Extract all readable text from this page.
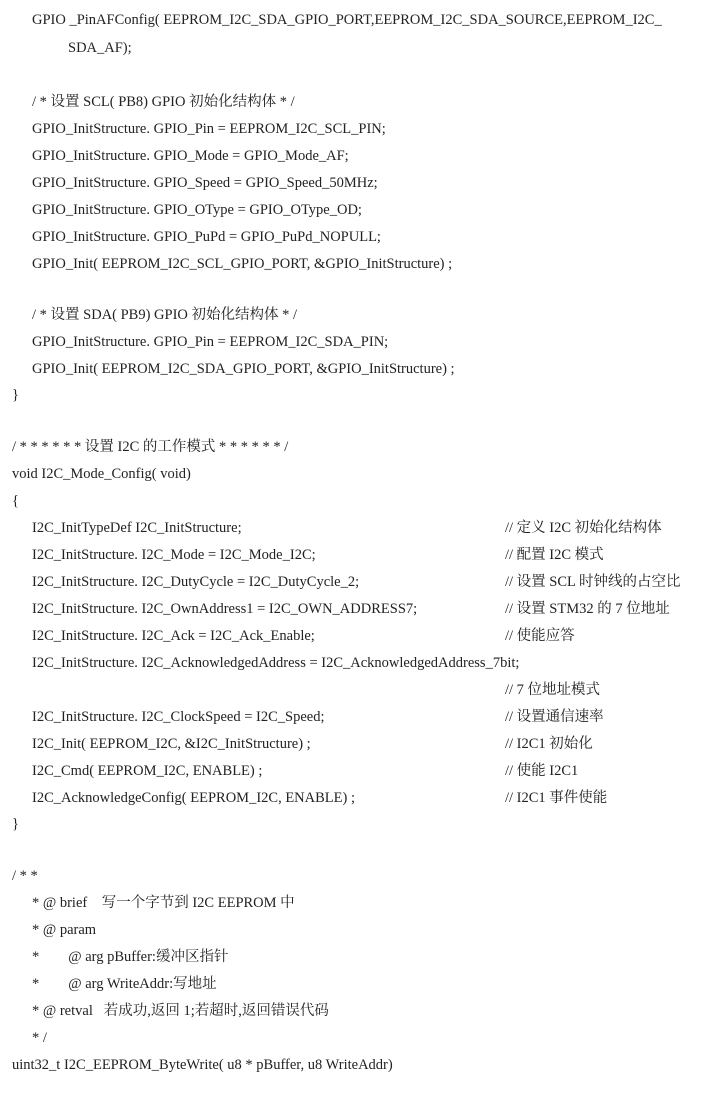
GPIO _PinAFConfig( EEPROM_I2C_SDA_GPIO_PORT,EEPROM_I2C_SDA_SOURCE,EEPROM_I2C_
SDA_AF);
/ * 设置 SCL( PB8) GPIO 初始化结构体 * /
GPIO_InitStructure. GPIO_Pin = EEPROM_I2C_SCL_PIN;
GPIO_InitStructure. GPIO_Mode = GPIO_Mode_AF;
GPIO_InitStructure. GPIO_Speed = GPIO_Speed_50MHz;
GPIO_InitStructure. GPIO_OType = GPIO_OType_OD;
GPIO_InitStructure. GPIO_PuPd = GPIO_PuPd_NOPULL;
GPIO_Init( EEPROM_I2C_SCL_GPIO_PORT, &GPIO_InitStructure) ;
/ * 设置 SDA( PB9) GPIO 初始化结构体 * /
GPIO_InitStructure. GPIO_Pin = EEPROM_I2C_SDA_PIN;
GPIO_Init( EEPROM_I2C_SDA_GPIO_PORT, &GPIO_InitStructure) ;
}
/ * * * * * * 设置 I2C 的工作模式 * * * * * * /
void I2C_Mode_Config( void)
{
I2C_InitTypeDef I2C_InitStructure;	// 定义 I2C 初始化结构体
I2C_InitStructure. I2C_Mode = I2C_Mode_I2C;	// 配置 I2C 模式
I2C_InitStructure. I2C_DutyCycle = I2C_DutyCycle_2;	// 设置 SCL 时钟线的占空比
I2C_InitStructure. I2C_OwnAddress1 = I2C_OWN_ADDRESS7;	// 设置 STM32 的 7 位地址
I2C_InitStructure. I2C_Ack = I2C_Ack_Enable;	// 使能应答
I2C_InitStructure. I2C_AcknowledgedAddress = I2C_AcknowledgedAddress_7bit;
// 7 位地址模式
I2C_InitStructure. I2C_ClockSpeed = I2C_Speed;	// 设置通信速率
I2C_Init( EEPROM_I2C, &I2C_InitStructure) ;	// I2C1 初始化
I2C_Cmd( EEPROM_I2C, ENABLE) ;	// 使能 I2C1
I2C_AcknowledgeConfig( EEPROM_I2C, ENABLE) ;	// I2C1 事件使能
}
/ * *
* @ brief    写一个字节到 I2C EEPROM 中
* @ param
*        @ arg pBuffer:缓冲区指针
*        @ arg WriteAddr:写地址
* @ retval   若成功,返回 1;若超时,返回错误代码
* /
uint32_t I2C_EEPROM_ByteWrite( u8 * pBuffer, u8 WriteAddr)
